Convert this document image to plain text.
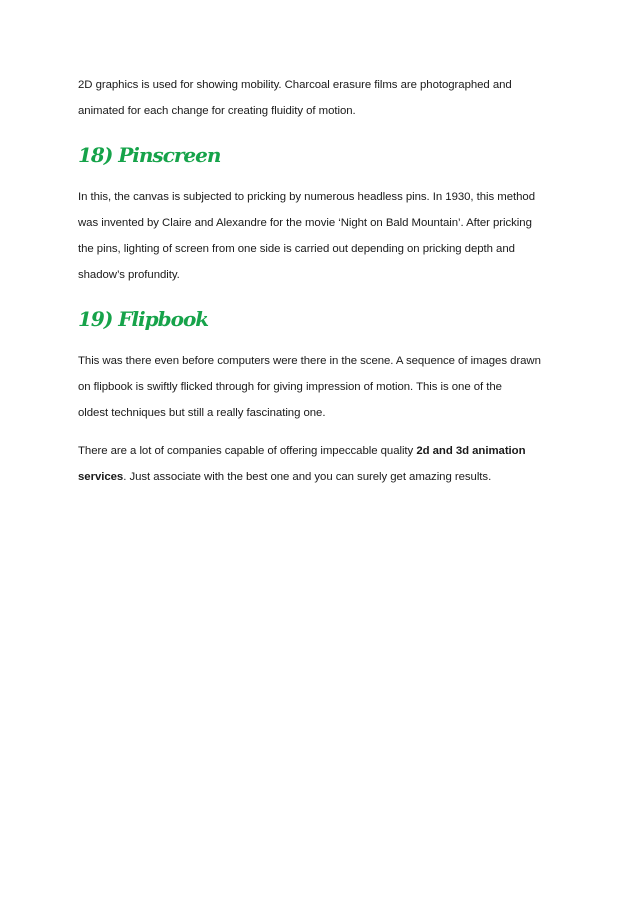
2D graphics is used for showing mobility. Charcoal erasure films are photographed and
animated for each change for creating fluidity of motion.

18) Pinscreen

In this, the canvas is subjected to pricking by numerous headless pins. In 1930, this method
was invented by Claire and Alexandre for the movie ‘Night on Bald Mountain’. After pricking
the pins, lighting of screen from one side is carried out depending on pricking depth and
shadow’s profundity.

19) Flipbook

This was there even before computers were there in the scene. A sequence of images drawn
on flipbook is swiftly flicked through for giving impression of motion. This is one of the
oldest techniques but still a really fascinating one.

There are a lot of companies capable of offering impeccable quality 2d and 3d animation
services. Just associate with the best one and you can surely get amazing results.
